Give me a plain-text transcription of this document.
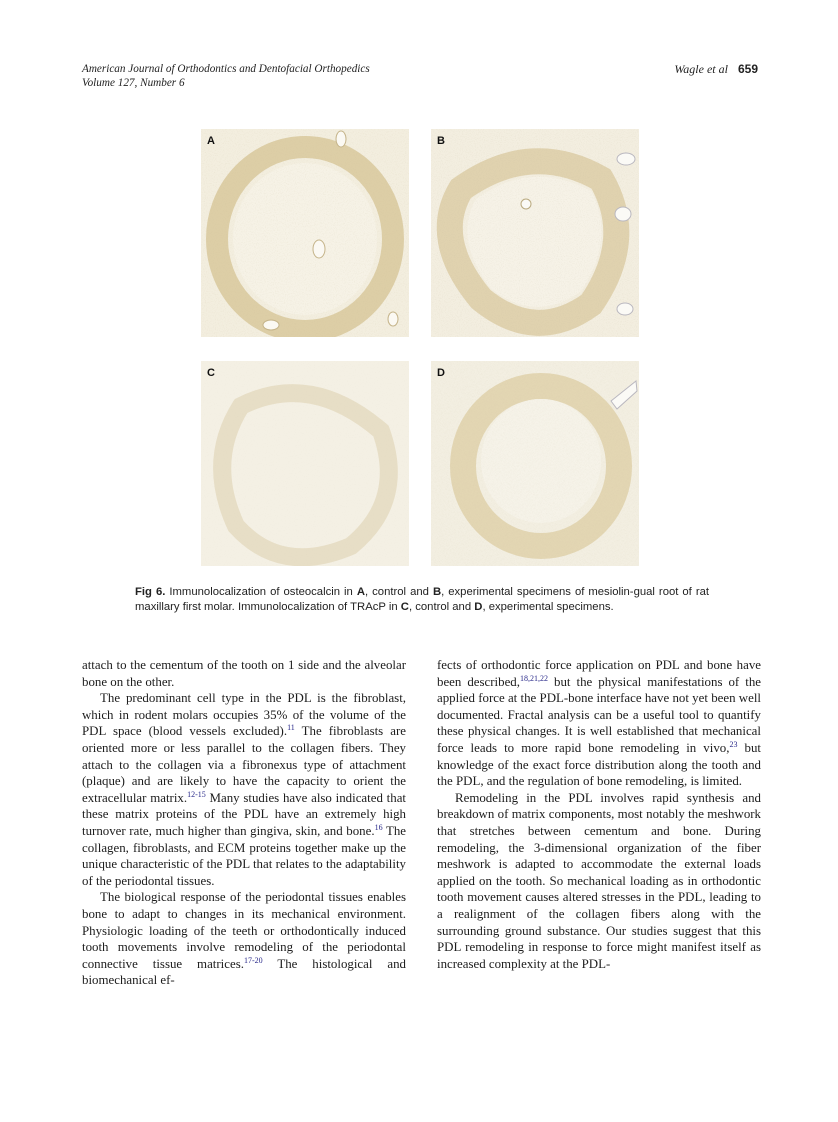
American Journal of Orthodontics and Dentofacial Orthopedics
Volume 127, Number 6
Wagle et al 659
A	B
C	D
Fig 6. Immunolocalization of osteocalcin in A, control and B, experimental specimens of mesiolin-gual root of rat maxillary first molar. Immunolocalization of TRAcP in C, control and D, experimental specimens.

attach to the cementum of the tooth on 1 side and the alveolar bone on the other.

The predominant cell type in the PDL is the fibroblast, which in rodent molars occupies 35% of the volume of the PDL space (blood vessels excluded).$^{11}$ The fibroblasts are oriented more or less parallel to the collagen fibers. They attach to the collagen via a fibronexus type of attachment (plaque) and are likely to have the capacity to orient the extracellular matrix.$^{12-15}$ Many studies have also indicated that these matrix proteins of the PDL have an extremely high turnover rate, much higher than gingiva, skin, and bone.$^{16}$ The collagen, fibroblasts, and ECM proteins together make up the unique characteristic of the PDL that relates to the adaptability of the periodontal tissues.

The biological response of the periodontal tissues enables bone to adapt to changes in its mechanical environment. Physiologic loading of the teeth or orthodontically induced tooth movements involve remodeling of the periodontal connective tissue matrices.$^{17-20}$ The histological and biomechanical ef-

fects of orthodontic force application on PDL and bone have been described,$^{18,21,22}$ but the physical manifestations of the applied force at the PDL-bone interface have not yet been well documented. Fractal analysis can be a useful tool to quantify these physical changes. It is well established that mechanical force leads to more rapid bone remodeling in vivo,$^{23}$ but knowledge of the exact force distribution along the tooth and the PDL, and the regulation of bone remodeling, is limited.

Remodeling in the PDL involves rapid synthesis and breakdown of matrix components, most notably the meshwork that stretches between cementum and bone. During remodeling, the 3-dimensional organization of the fiber meshwork is adapted to accommodate the external loads applied on the tooth. So mechanical loading as in orthodontic tooth movement causes altered stresses in the PDL, leading to a realignment of the collagen fibers along with the surrounding ground substance. Our studies suggest that this PDL remodeling in response to force might manifest itself as increased complexity at the PDL-
